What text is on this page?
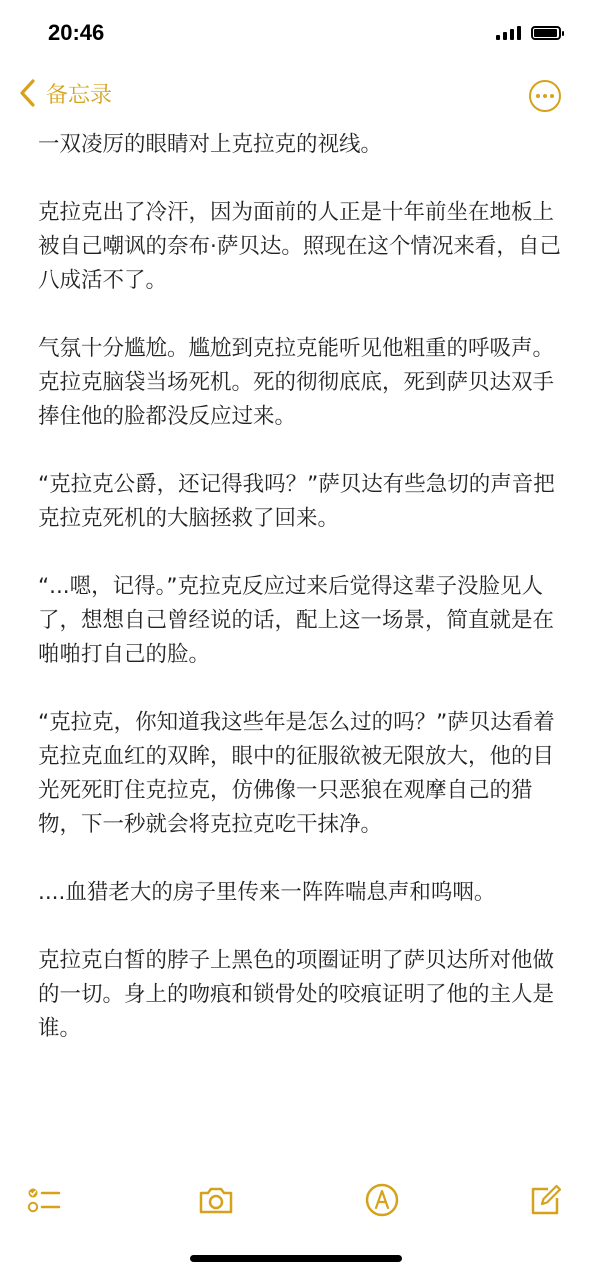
20:46
备忘录

一双凌厉的眼睛对上克拉克的视线。

克拉克出了冷汗，因为面前的人正是十年前坐在地板上被自己嘲讽的奈布·萨贝达。照现在这个情况来看，自己八成活不了。

气氛十分尴尬。尴尬到克拉克能听见他粗重的呼吸声。克拉克脑袋当场死机。死的彻彻底底，死到萨贝达双手捧住他的脸都没反应过来。

“克拉克公爵，还记得我吗？”萨贝达有些急切的声音把克拉克死机的大脑拯救了回来。

“...嗯，记得。”克拉克反应过来后觉得这辈子没脸见人了，想想自己曾经说的话，配上这一场景，简直就是在啪啪打自己的脸。

“克拉克，你知道我这些年是怎么过的吗？”萨贝达看着克拉克血红的双眸，眼中的征服欲被无限放大，他的目光死死盯住克拉克，仿佛像一只恶狼在观摩自己的猎物，下一秒就会将克拉克吃干抹净。

....血猎老大的房子里传来一阵阵喘息声和呜咽。

克拉克白皙的脖子上黑色的项圈证明了萨贝达所对他做的一切。身上的吻痕和锁骨处的咬痕证明了他的主人是谁。
